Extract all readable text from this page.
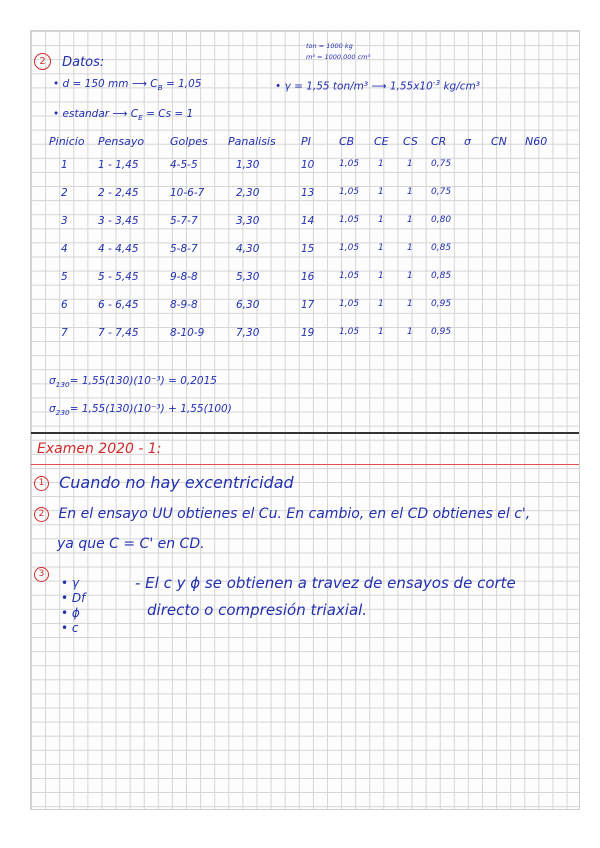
2 Datos:
ton = 1000 kg
m³ = 1000,000 cm³
• d = 150 mm ⟶ $C_B = 1,05$	• γ = 1,55 ton/m³ ⟶ $1,55x10^{-3}$ kg/cm³
• estandar ⟶ $C_E = Cs = 1$
Pinicio Pensayo Golpes Panalisis PI	CB CE CS CR σ CN N60
1	1 - 1,45	4-5-5	1,30	10	1,05 1	1 0,75
2	2 - 2,45	10-6-7	2,30	13	1,05 1	1 0,75
3	3 - 3,45	5-7-7	3,30	14	1,05 1	1 0,80
4	4 - 4,45	5-8-7	4,30	15	1,05 1	1 0,85
5	5 - 5,45	9-8-8	5,30	16	1,05 1	1 0,85
6	6 - 6,45	8-9-8	6,30	17	1,05 1	1 0,95
7	7 - 7,45	8-10-9	7,30	19	1,05 1	1 0,95
$\sigma_{130}= 1,55(130)(10^{-3}) = 0,2015$
$\sigma_{230}= 1,55(130)(10^{-3}) + 1,55(100)$
Examen 2020 - 1:
1 Cuando no hay excentricidad
2 En el ensayo UU obtienes el Cu. En cambio, en el CD obtienes el c',
ya que C = C' en CD.
3
• γ
• Df
• ϕ
• c
- El c y ϕ se obtienen a travez de ensayos de corte
directo o compresión triaxial.
